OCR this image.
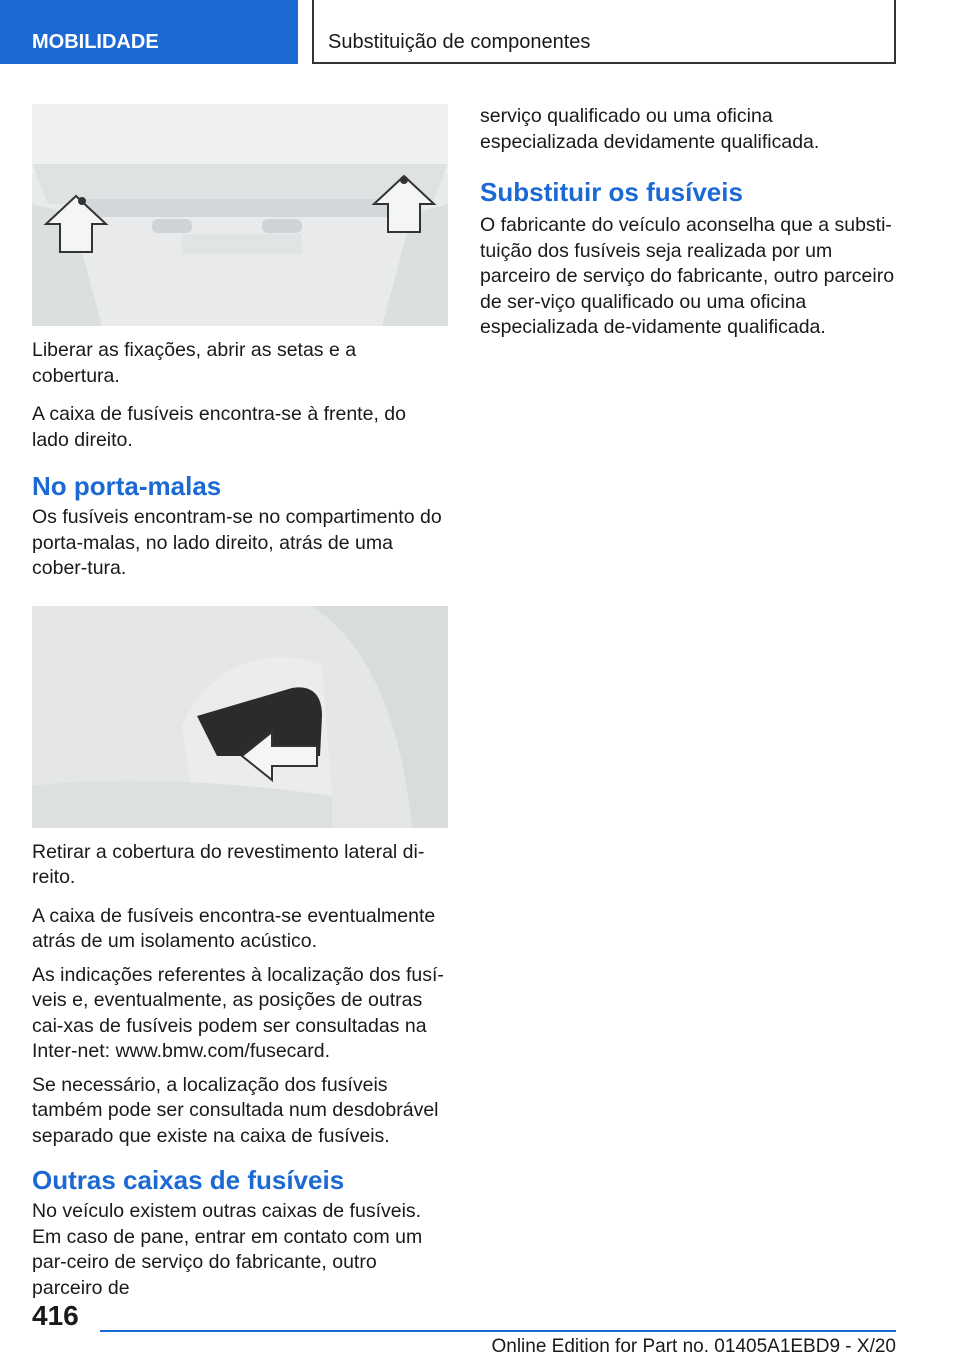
MOBILIDADE	Substituição de componentes

Liberar as fixações, abrir as setas e a cobertura.

A caixa de fusíveis encontra-se à frente, do lado direito.

No porta-malas

Os fusíveis encontram-se no compartimento do porta-malas, no lado direito, atrás de uma cober-tura.

Retirar a cobertura do revestimento lateral di-reito.

A caixa de fusíveis encontra-se eventualmente atrás de um isolamento acústico.

As indicações referentes à localização dos fusí-veis e, eventualmente, as posições de outras cai-xas de fusíveis podem ser consultadas na Inter-net: www.bmw.com/fusecard.

Se necessário, a localização dos fusíveis também pode ser consultada num desdobrável separado que existe na caixa de fusíveis.

Outras caixas de fusíveis

No veículo existem outras caixas de fusíveis. Em caso de pane, entrar em contato com um par-ceiro de serviço do fabricante, outro parceiro de

serviço qualificado ou uma oficina especializada devidamente qualificada.

Substituir os fusíveis

O fabricante do veículo aconselha que a substi-tuição dos fusíveis seja realizada por um parceiro de serviço do fabricante, outro parceiro de ser-viço qualificado ou uma oficina especializada de-vidamente qualificada.

416
Online Edition for Part no. 01405A1EBD9 - X/20
